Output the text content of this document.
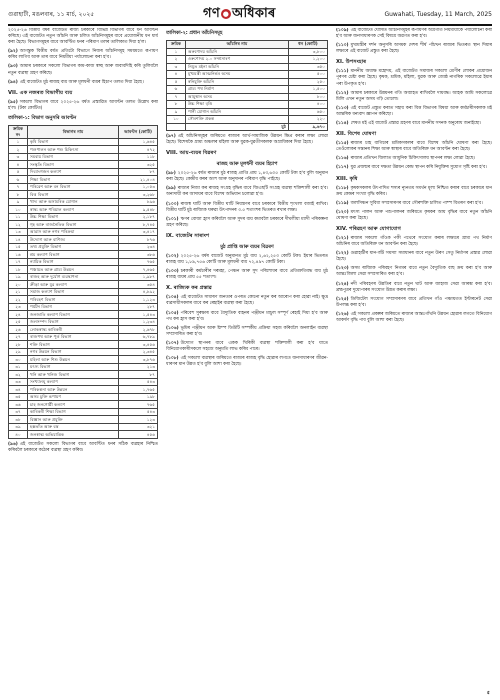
গুৱাহাটী, মঙলবাৰ, ১১ মাৰ্চ, ২০২৫	গণ ● অধিকাৰ	Guwahati, Tuesday, 11 March, 2025

২০২৫-২৬ বিত্তীয় বৰ্ষৰ বাজেটত ৰাজ্য চৰকাৰে বিভিন্ন বিভাগৰ বাবে ধন আবণ্টন কৰিছে। এই বাজেটত নতুন আঁচনি আৰু চলিত আঁচনিসমূহৰ বাবে প্ৰয়োজনীয় ধন ধাৰ্য কৰা হৈছে। বিভাগসমূহৰ বাবে আবণ্টিত ধনৰ পৰিমাণ তলৰ তালিকাত দিয়া হ'ল।

(৯২) আগন্তুক বিত্তীয় বৰ্ষত প্ৰতিটো বিভাগে নিজৰ আঁচনিসমূহ সময়মতে ৰূপায়ণ কৰিব লাগিব আৰু তাৰ বাবে নিয়মীয়া পৰ্যালোচনা কৰা হ'ব।

(৯৩) আমাৰ চৰকাৰে সকলো বিভাগৰ কাম-কাজ স্বচ্ছ আৰু জবাবদিহি কৰি তুলিবলৈ নতুন ব্যৱস্থা গ্ৰহণ কৰিছে।

(৯৪) এই বাজেটত মুঠ ৰাজহ ব্যয় আৰু মূলধনী ব্যয়ৰ হিচাপ তলত দিয়া হৈছে।

VII. এক নজৰত বিভাগীয় ব্যয়

(৯৫) সকলো বিভাগৰ বাবে ২০২৫-২৬ বৰ্ষত প্ৰস্তাৱিত আবণ্টন তলত উল্লেখ কৰা হ'ল। (টকা কোটিত)

তালিকা-১: বিভাগ অনুসৰি আবণ্টন
ক্ৰমিক নং	বিভাগৰ নাম	আবণ্টন (কোটি)
১	কৃষি বিভাগ	১,৬৪৫
২	পশুপালন আৰু পশু চিকিৎসা	৪৭২
৩	সমবায় বিভাগ	১১৮
৪	সংস্কৃতি বিভাগ	৩২৫
৫	দিব্যাংগজন কল্যাণ	৮৭
৬	শিক্ষা বিভাগ	২১,৪০৪
৭	পৰিৱেশ আৰু বন বিভাগ	১,০৫৩
৮	বিত্ত বিভাগ	৩,২৬৮
৯	খাদ্য আৰু অসামৰিক যোগান	৮৯৬
১০	স্বাস্থ্য আৰু পৰিয়াল কল্যাণ	৯,৫৪৮
১১	উচ্চ শিক্ষা বিভাগ	২,১৮৭
১২	গৃহ আৰু ৰাজনৈতিক বিভাগ	৮,৭৪৫
১৩	আৱাস আৰু নগৰ পৰিক্ৰমা	৩,৪১৭
১৪	উদ্যোগ আৰু বাণিজ্য	৮৭৬
১৫	তথ্য প্ৰযুক্তি বিভাগ	২৩৪
১৬	শ্ৰম কল্যাণ বিভাগ	৩৮৬
১৭	ন্যায়িক বিভাগ	৭৬৫
১৮	পঞ্চায়ত আৰু গ্ৰাম্য উন্নয়ন	৭,৪৬৫
১৯	ৰাজহ আৰু দুৰ্যোগ ব্যৱস্থাপনা	১,৯৮৭
২০	ক্ৰীড়া আৰু যুৱ কল্যাণ	৩৫৪
২১	সমাজ কল্যাণ বিভাগ	৪,৮৯২
২২	পৰিবহণ বিভাগ	১,১২৩
২৩	পৰ্যটন বিভাগ	২৮৭
২৪	জনজাতি কল্যাণ বিভাগ	১,৫৪৩
২৫	জলসম্পদ বিভাগ	১,২৩৪
২৬	লোকস্বাস্থ্য কাৰিকৰী	২,৬৭৮
২৭	ৰাজপথ আৰু পূৰ্ত বিভাগ	৬,৭৮৯
২৮	শক্তি বিভাগ	৩,৪৫৬
২৯	নগৰ উন্নয়ন বিভাগ	২,৩৪৫
৩০	মহিলা আৰু শিশু উন্নয়ন	৩,৮৭৬
৩১	মৎস্য বিভাগ	২১৩
৩২	খনি আৰু খনিজ বিভাগ	৮৭
৩৩	সংখ্যালঘু কল্যাণ	৫৪৩
৩৪	পৰিকল্পনা আৰু উন্নয়ন	১,৭৬৫
৩৫	অসম চুক্তি ৰূপায়ণ	১৯৮
৩৬	চাহ জনগোষ্ঠী কল্যাণ	৭৬৫
৩৭	কাৰিকৰী শিক্ষা বিভাগ	৫৪৩
৩৮	বিজ্ঞান আৰু প্ৰযুক্তি	১২৩
৩৯	হস্ততাঁত আৰু বস্ত্ৰ	৩২১
৪০	জনস্বাস্থ্য অভিযান্ত্ৰিক	৪৫৬

(৯৬) এই বাজেটত সকলো বিভাগৰ বাবে আবণ্টিত ধনৰ সঠিক ব্যৱহাৰ নিশ্চিত কৰিবলৈ চৰকাৰে কঠোৰ ব্যৱস্থা গ্ৰহণ কৰিব।

তালিকা-২: প্ৰধান আঁচনিসমূহ
ক্ৰমিক	আঁচনিৰ নাম	ধন (কোটি)
১	অৰুণোদয় আঁচনি	৩,৮০০
২	ওৰুণোদয় ২.০ সম্প্ৰসাৰণ	১,২০০
৩	নিযুত মইনা আঁচনি	৩৫০
৪	মুখ্যমন্ত্ৰী আত্মনিৰ্ভৰ অসম	৫০০
৫	স্বনিযুক্তি আঁচনি	২৫০
৬	গ্ৰাম্য পথ নিৰ্মাণ	১,৫০০
৭	আয়ুষ্মান অসম	৮০০
৮	উচ্চ শিক্ষা বৃত্তি	৪০০
৯	পানী যোগান আঁচনি	৬৫০
১০	সৌৰশক্তি প্ৰকল্প	২২০
	মুঠ	৯,৬৭০

(৯৭) এই আঁচনিসমূহৰ জৰিয়তে ৰাজ্যৰ আৰ্থ-সামাজিক উন্নয়ন ক্ষিপ্ৰ কৰাৰ লক্ষ্য লোৱা হৈছে। বিশেষকৈ গ্ৰাম্য অঞ্চলৰ মহিলা আৰু যুৱক-যুৱতীসকলক অগ্ৰাধিকাৰ দিয়া হৈছে।

VIII. আয়-ব্যয়ৰ বিৱৰণ
ৰাজহ আৰু মূলধনী ব্যয়ৰ হিচাপ

(৯৮) ২০২৫-২৬ বৰ্ষত ৰাজ্যৰ মুঠ ৰাজহ প্ৰাপ্তি প্ৰায় ১,৪৩,৬০৫ কোটি টকা হ'ব বুলি অনুমান কৰা হৈছে। কেন্দ্ৰীয় কৰৰ অংশ আৰু অনুদানৰ পৰিমাণ বৃদ্ধি পাইছে।

(৯৯) ৰাজ্যৰ নিজা কৰ ৰাজহ সংগ্ৰহ বৃদ্ধিৰ বাবে জিএছটি সংগ্ৰহ ব্যৱস্থা শক্তিশালী কৰা হ'ব। অনাদায়ী কৰ আদায়ৰ বাবে বিশেষ অভিযান চলোৱা হ'ব।

(১০০) ৰাজস্ব ঘাটি আৰু বিত্তীয় ঘাটি নিয়ন্ত্ৰণৰ বাবে চৰকাৰে বিত্তীয় শৃংখলা বজাই ৰাখিব। বিত্তীয় ঘাটি মুঠ ৰাজ্যিক ঘৰুৱা উৎপাদনৰ ৩.৫ শতাংশৰ ভিতৰত ৰখাৰ লক্ষ্য।

(১০১) ঋণৰ বোজা হ্ৰাস কৰিবলৈ আৰু সুদৰ ব্যয় কমাবলৈ চৰকাৰে দীঘলীয়া ম্যাদী পৰিকল্পনা গ্ৰহণ কৰিছে।

IX. বাজেটৰ সাৰাংশ
মুঠ প্ৰাপ্তি আৰু ব্যয়ৰ বিৱৰণ

(১০২) ২০২৫-২৬ বৰ্ষৰ বাজেট অনুমানত মুঠ ব্যয় ২,৬২,২৫৩ কোটি টকা। ইয়াৰ ভিতৰত ৰাজহ ব্যয় ১,৮৯,৭৫৬ কোটি আৰু মূলধনী ব্যয় ৭২,৪৯৭ কোটি টকা।

(১০৩) চৰকাৰী কৰ্মচাৰীৰ দৰমহা, পেঞ্চন আৰু সুদ পৰিশোধৰ বাবে প্ৰতিশ্ৰুতিবদ্ধ ব্যয় মুঠ ৰাজহ ব্যয়ৰ প্ৰায় ৫৫ শতাংশ।

X. ৰাজ্যিক কৰ প্ৰস্তাৱ

(১০৪) এই বাজেটত সাধাৰণ জনতাৰ ওপৰত কোনো নতুন কৰ আৰোপ কৰা হোৱা নাই। ক্ষুদ্ৰ ব্যৱসায়ীসকলৰ বাবে কৰ ৰেহাইৰ ব্যৱস্থা কৰা হৈছে।

(১০৫) পৰিবেশ সুৰক্ষাৰ বাবে বৈদ্যুতিক বাহনৰ পঞ্জীয়ন মাচুল সম্পূৰ্ণ ৰেহাই দিয়া হ'ব আৰু পথ কৰ হ্ৰাস কৰা হ'ব।

(১০৬) ভূমিৰ পঞ্জীয়ন আৰু ষ্টাম্প ডিউটি সম্পৰ্কীয় প্ৰক্ৰিয়া সহজ কৰিবলৈ অনলাইন ব্যৱস্থা সম্প্ৰসাৰিত কৰা হ'ব।

(১০৭) উদ্যোগ স্থাপনৰ বাবে একক খিৰিকী ব্যৱস্থা শক্তিশালী কৰা হ'ব যাতে বিনিয়োগকাৰীসকলে সহজে অনুমতি লাভ কৰিব পাৰে।

(১০৮) এই সকলো ব্যৱস্থাৰ জৰিয়তে ৰাজ্যৰ ৰাজহ বৃদ্ধি হোৱাৰ লগতে জনসাধাৰণৰ জীৱন-ধাৰণৰ মান উন্নত হ'ব বুলি আশা কৰা হৈছে।

(১০৯) এই বাজেটত ঘোষিত আঁচনিসমূহৰ ৰূপায়ণৰ অগ্ৰগতি নিয়মীয়াকৈ পৰ্যালোচনা কৰা হ'ব আৰু জনসাধাৰণক সেই বিষয়ে অৱগত কৰা হ'ব।

(১১০) মুখ্যমন্ত্ৰীৰ দৰ্শন অনুসৰি অসমক দেশৰ শীৰ্ষ পাঁচখন ৰাজ্যৰ ভিতৰত স্থান দিয়াৰ লক্ষ্যৰে এই বাজেট প্ৰস্তুত কৰা হৈছে।

XI. উপসংহাৰ

(১১১) মাননীয় অধ্যক্ষ মহোদয়, এই বাজেটত সমাজৰ সকলো শ্ৰেণীৰ লোকৰ প্ৰয়োজন পূৰণৰ চেষ্টা কৰা হৈছে। কৃষক, শ্ৰমিক, মহিলা, যুৱক আৰু জ্যেষ্ঠ নাগৰিক সকলোৱে ইয়াৰ পৰা উপকৃত হ'ব।

(১১২) আমাৰ চৰকাৰে উন্নয়নৰ গতি অব্যাহত ৰাখিবলৈ দায়বদ্ধ। আহক আমি সকলোৱে মিলি এখন নতুন অসম গঢ়ি তোলো।

(১১৩) এই বাজেট প্ৰস্তুত কৰাত সহায় কৰা বিত্ত বিভাগৰ বিষয়া আৰু কৰ্মচাৰীসকলক মই আন্তৰিক ধন্যবাদ জ্ঞাপন কৰিছো।

(১১৪) শেষত মই এই বাজেট প্ৰস্তাৱ গ্ৰহণৰ বাবে মাননীয় সদনক অনুৰোধ জনাইছো।

XII. বিশেষ ঘোষণা

(১১৫) ৰাজ্যৰ চাহ বাগিচাৰ শ্ৰমিকসকলৰ বাবে বিশেষ আঁচনি ঘোষণা কৰা হৈছে। তেওঁলোকৰ সন্তানৰ শিক্ষা আৰু স্বাস্থ্যৰ বাবে অতিৰিক্ত ধন আবণ্টন কৰা হৈছে।

(১১৬) ৰাজ্যৰ প্ৰতিখন জিলাত আধুনিক চিকিৎসালয় স্থাপনৰ লক্ষ্য লোৱা হৈছে।

(১১৭) যুৱ প্ৰজন্মৰ বাবে দক্ষতা উন্নয়ন কেন্দ্ৰ স্থাপন কৰি নিযুক্তিৰ সুযোগ সৃষ্টি কৰা হ'ব।

XIII. কৃষি

(১১৮) কৃষকসকলৰ উৎপাদিত শস্যৰ ন্যূনতম সমৰ্থন মূল্য নিশ্চিত কৰাৰ বাবে চৰকাৰে ধান ক্ৰয় কেন্দ্ৰৰ সংখ্যা বৃদ্ধি কৰিব।

(১১৯) জলসিঞ্চন সুবিধা সম্প্ৰসাৰণৰ বাবে সৌৰশক্তি চালিত পাম্প বিতৰণ কৰা হ'ব।

(১২০) মৎস্য পালন আৰু পশুপালনৰ জৰিয়তে কৃষকৰ আয় বৃদ্ধিৰ বাবে নতুন আঁচনি ঘোষণা কৰা হৈছে।

XIV. পৰিৱহণ আৰু যোগাযোগ

(১২১) ৰাজ্যৰ সকলো গাঁওক পকী পথেৰে সংযোগ কৰাৰ লক্ষ্যৰে গ্ৰাম্য পথ নিৰ্মাণ আঁচনিৰ বাবে অতিৰিক্ত ধন আবণ্টন কৰা হৈছে।

(১২২) গুৱাহাটীৰ যান-জঁট সমস্যা সমাধানৰ বাবে নতুন উৰণ সেতু নিৰ্মাণৰ প্ৰস্তাৱ লোৱা হৈছে।

(১২৩) অসম ৰাজ্যিক পৰিবহণ নিগমৰ বাবে নতুন বৈদ্যুতিক বাছ ক্ৰয় কৰা হ'ব আৰু আন্তঃজিলা সেৱা সম্প্ৰসাৰিত কৰা হ'ব।

(১২৪) নদী পৰিবহণৰ উন্নতিৰ বাবে নতুন ঘাট আৰু জাহাজ সেৱা আৰম্ভ কৰা হ'ব। ব্ৰহ্মপুত্ৰৰ দুয়োপাৰৰ সংযোগ উন্নত কৰাৰ লক্ষ্য।

(১২৫) ডিজিটেল সংযোগ সম্প্ৰসাৰণৰ বাবে প্ৰতিখন গাঁও পঞ্চায়তত ইণ্টাৰনেট সেৱা উপলব্ধ কৰা হ'ব।

(১২৬) এই সকলো প্ৰকল্পৰ জৰিয়তে ৰাজ্যৰ আন্তঃগাঁথনি উন্নয়ন হোৱাৰ লগতে বিনিয়োগ আকৰ্ষণ বৃদ্ধি পাব বুলি আশা কৰা হৈছে।

৫
